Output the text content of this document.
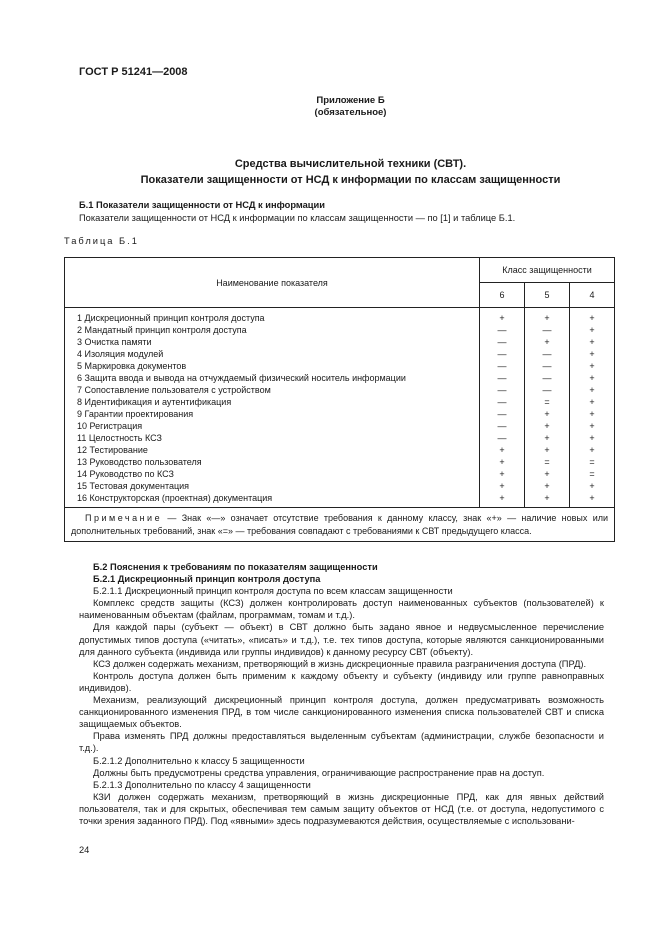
ГОСТ Р 51241—2008
Приложение Б
(обязательное)
Средства вычислительной техники (СВТ).
Показатели защищенности от НСД к информации по классам защищенности
Б.1 Показатели защищенности от НСД к информации
Показатели защищенности от НСД к информации по классам защищенности — по [1] и таблице Б.1.
Таблица Б.1
Наименование показателя	Класс защищенности		
	6	5	4
1 Дискреционный принцип контроля доступа	+	+	+
2 Мандатный принцип контроля доступа	—	—	+
3 Очистка памяти	—	+	+
4 Изоляция модулей	—	—	+
5 Маркировка документов	—	—	+
6 Защита ввода и вывода на отчуждаемый физический носитель информации	—	—	+
7 Сопоставление пользователя с устройством	—	—	+
8 Идентификация и аутентификация	—	=	+
9 Гарантии проектирования	—	+	+
10 Регистрация	—	+	+
11 Целостность КСЗ	—	+	+
12 Тестирование	+	+	+
13 Руководство пользователя	+	=	=
14 Руководство по КСЗ	+	+	=
15 Тестовая документация	+	+	+
16 Конструкторская (проектная) документация	+	+	+
Примечание — Знак «—» означает отсутствие требования к данному классу, знак «+» — наличие новых или дополнительных требований, знак «=» — требования совпадают с требованиями к СВТ предыдущего класса.			

Б.2 Пояснения к требованиям по показателям защищенности

Б.2.1 Дискреционный принцип контроля доступа

Б.2.1.1 Дискреционный принцип контроля доступа по всем классам защищенности

Комплекс средств защиты (КСЗ) должен контролировать доступ наименованных субъектов (пользователей) к наименованным объектам (файлам, программам, томам и т.д.).

Для каждой пары (субъект — объект) в СВТ должно быть задано явное и недвусмысленное перечисление допустимых типов доступа («читать», «писать» и т.д.), т.е. тех типов доступа, которые являются санкционированными для данного субъекта (индивида или группы индивидов) к данному ресурсу СВТ (объекту).

КСЗ должен содержать механизм, претворяющий в жизнь дискреционные правила разграничения доступа (ПРД).

Контроль доступа должен быть применим к каждому объекту и субъекту (индивиду или группе равноправных индивидов).

Механизм, реализующий дискреционный принцип контроля доступа, должен предусматривать возможность санкционированного изменения ПРД, в том числе санкционированного изменения списка пользователей СВТ и списка защищаемых объектов.

Права изменять ПРД должны предоставляться выделенным субъектам (администрации, службе безопасности и т.д.).

Б.2.1.2 Дополнительно к классу 5 защищенности

Должны быть предусмотрены средства управления, ограничивающие распространение прав на доступ.

Б.2.1.3 Дополнительно по классу 4 защищенности

КЗИ должен содержать механизм, претворяющий в жизнь дискреционные ПРД, как для явных действий пользователя, так и для скрытых, обеспечивая тем самым защиту объектов от НСД (т.е. от доступа, недопустимого с точки зрения заданного ПРД). Под «явными» здесь подразумеваются действия, осуществляемые с использовани-

24
